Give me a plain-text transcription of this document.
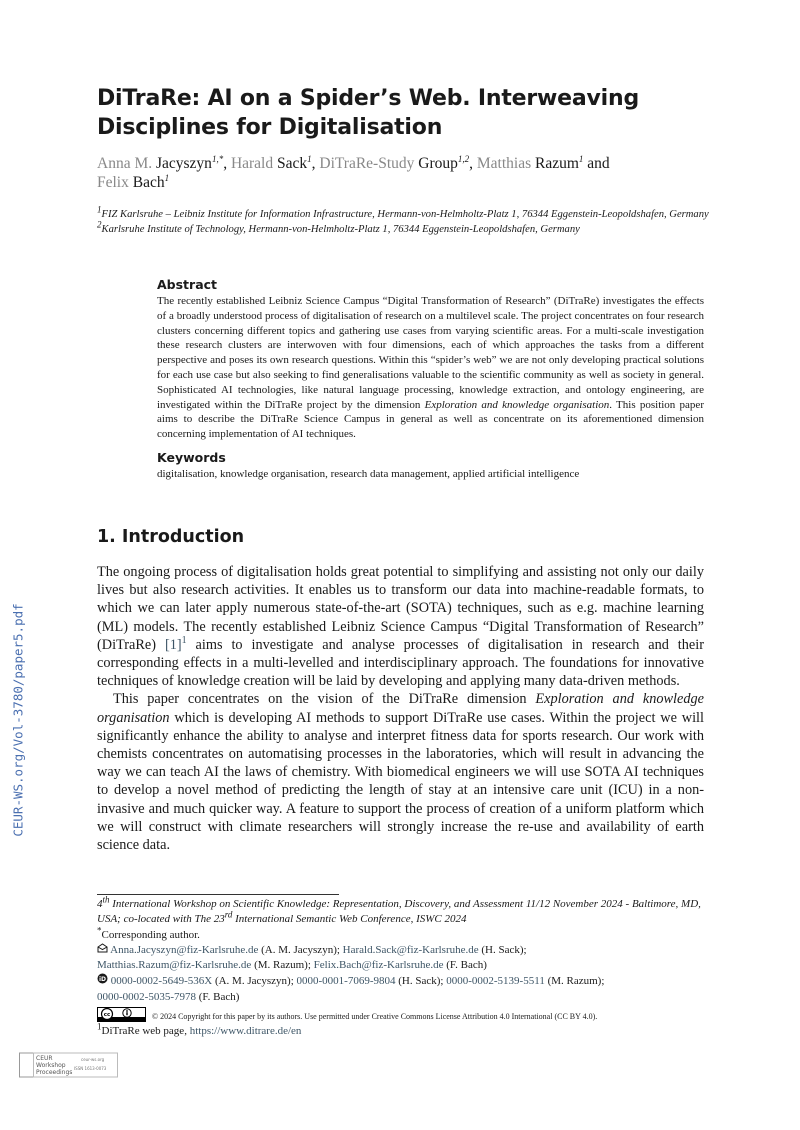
DiTraRe: AI on a Spider’s Web. Interweaving Disciplines for Digitalisation
Anna M. Jacyszyn$^{1,*}$, Harald Sack$^1$, DiTraRe-Study Group$^{1,2}$, Matthias Razum$^1$ and
Felix Bach$^1$
$^1$FIZ Karlsruhe – Leibniz Institute for Information Infrastructure, Hermann-von-Helmholtz-Platz 1, 76344 Eggenstein-Leopoldshafen, Germany
$^2$Karlsruhe Institute of Technology, Hermann-von-Helmholtz-Platz 1, 76344 Eggenstein-Leopoldshafen, Germany
Abstract
The recently established Leibniz Science Campus “Digital Transformation of Research” (DiTraRe) investigates the effects of a broadly understood process of digitalisation of research on a multilevel scale. The project concentrates on four research clusters concerning different topics and gathering use cases from varying scientific areas. For a multi-scale investigation these research clusters are interwoven with four dimensions, each of which approaches the tasks from a different perspective and poses its own research questions. Within this “spider’s web” we are not only developing practical solutions for each use case but also seeking to find generalisations valuable to the scientific community as well as society in general. Sophisticated AI technologies, like natural language processing, knowledge extraction, and ontology engineering, are investigated within the DiTraRe project by the dimension Exploration and knowledge organisation. This position paper aims to describe the DiTraRe Science Campus in general as well as concentrate on its aforementioned dimension concerning implementation of AI techniques.
Keywords
digitalisation, knowledge organisation, research data management, applied artificial intelligence
1. Introduction

The ongoing process of digitalisation holds great potential to simplifying and assisting not only our daily lives but also research activities. It enables us to transform our data into machine-readable formats, to which we can later apply numerous state-of-the-art (SOTA) techniques, such as e.g. machine learning (ML) models. The recently established Leibniz Science Campus “Digital Transformation of Research” (DiTraRe) $[1]^1$ aims to investigate and analyse processes of digitalisation in research and their corresponding effects in a multi-levelled and interdisciplinary approach. The foundations for innovative techniques of knowledge creation will be laid by developing and applying many data-driven methods.

This paper concentrates on the vision of the DiTraRe dimension Exploration and knowledge organisation which is developing AI methods to support DiTraRe use cases. Within the project we will significantly enhance the ability to analyse and interpret fitness data for sports research. Our work with chemists concentrates on automatising processes in the laboratories, which will result in advancing the way we can teach AI the laws of chemistry. With biomedical engineers we will use SOTA AI techniques to develop a novel method of predicting the length of stay at an intensive care unit (ICU) in a non-invasive and much quicker way. A feature to support the process of creation of a uniform platform which we will construct with climate researchers will strongly increase the re-use and availability of earth science data.

4th International Workshop on Scientific Knowledge: Representation, Discovery, and Assessment 11/12 November 2024 - Baltimore, MD, USA; co-located with The 23rd International Semantic Web Conference, ISWC 2024
*Corresponding author.
Anna.Jacyszyn@fiz-Karlsruhe.de (A. M. Jacyszyn); Harald.Sack@fiz-Karlsruhe.de (H. Sack);
Matthias.Razum@fiz-Karlsruhe.de (M. Razum); Felix.Bach@fiz-Karlsruhe.de (F. Bach)
iD 0000-0002-5649-536X (A. M. Jacyszyn); 0000-0001-7069-9804 (H. Sack); 0000-0002-5139-5511 (M. Razum);
0000-0002-5035-7978 (F. Bach)
cc	© 2024 Copyright for this paper by its authors. Use permitted under Creative Commons License Attribution 4.0 International (CC BY 4.0).
$^1$DiTraRe web page, https://www.ditrare.de/en
CEUR-WS.org/Vol-3780/paper5.pdf
CEUR
Workshop
Proceedings
ceur-ws.org
ISSN 1613-0073
